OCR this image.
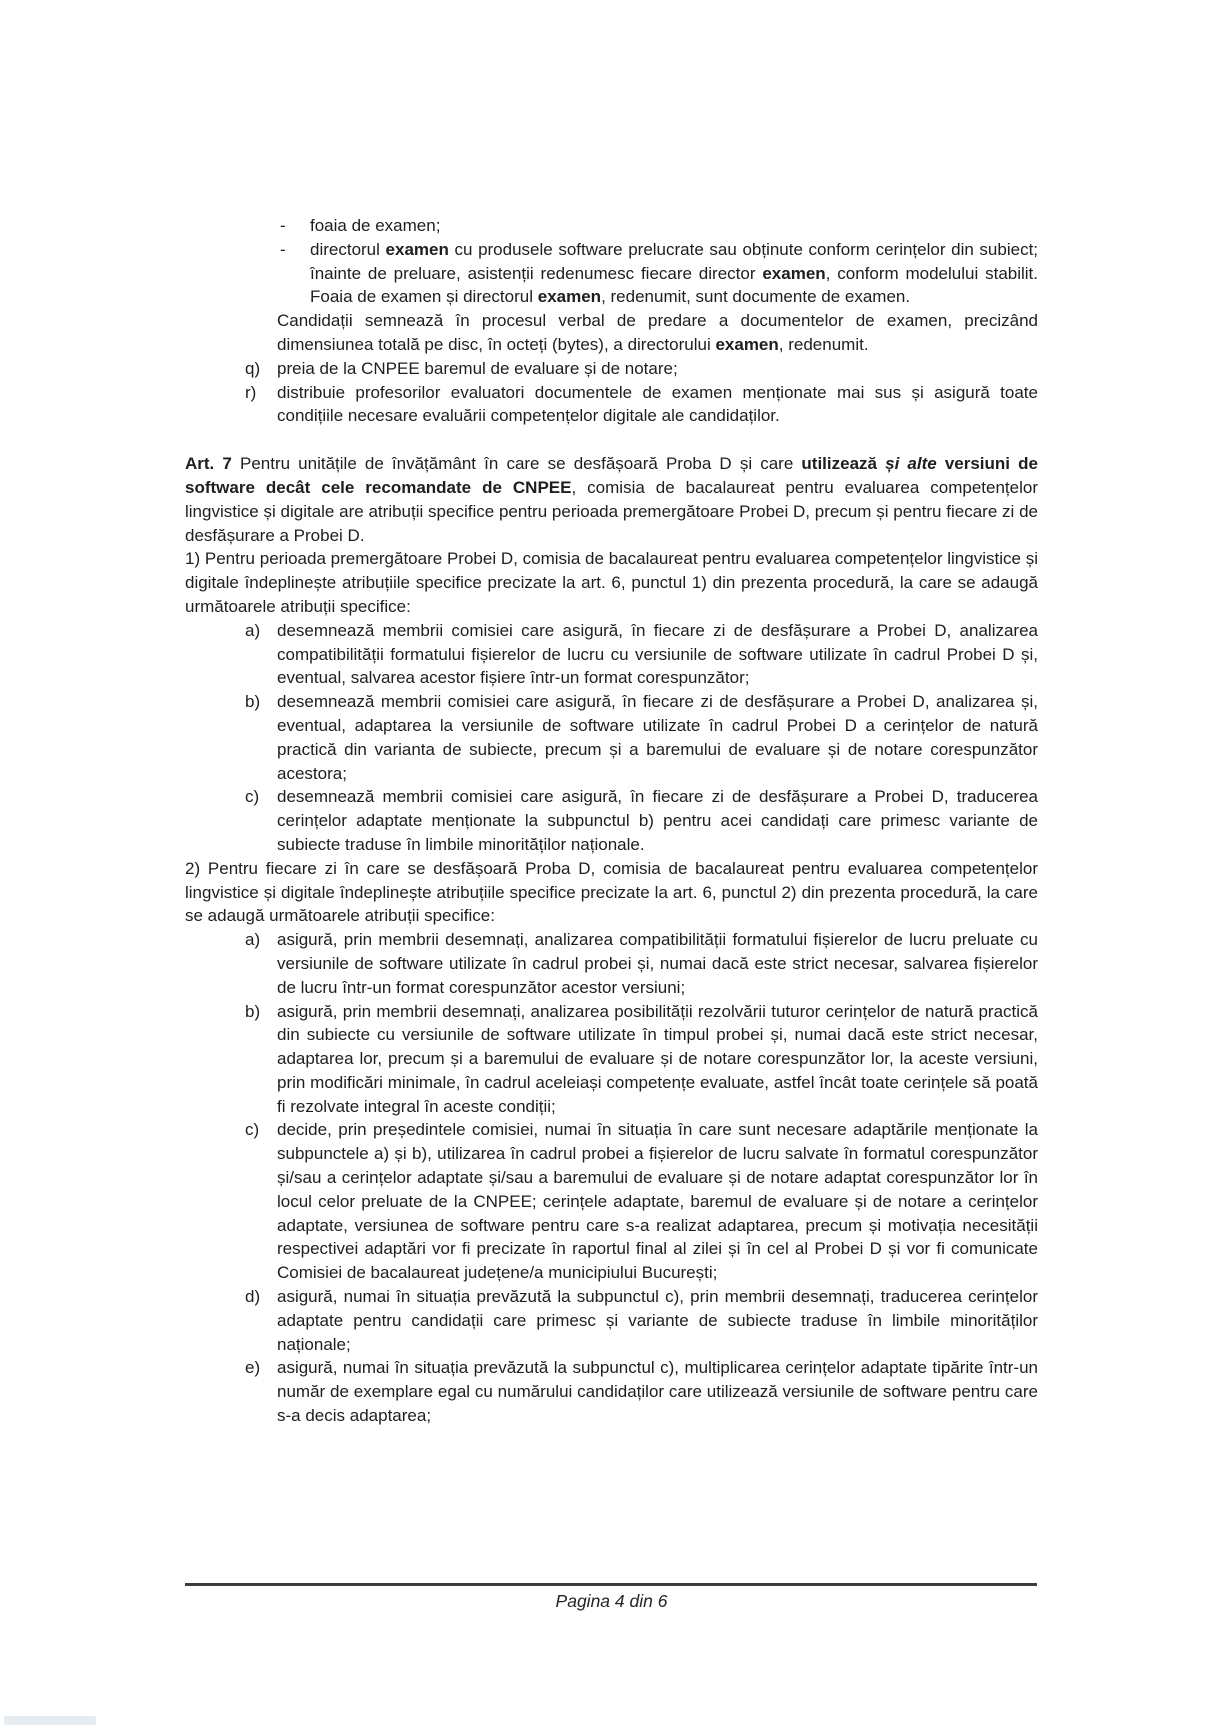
- foaia de examen;
- directorul examen cu produsele software prelucrate sau obținute conform cerințelor din subiect; înainte de preluare, asistenții redenumesc fiecare director examen, conform modelului stabilit. Foaia de examen și directorul examen, redenumit, sunt documente de examen.
Candidații semnează în procesul verbal de predare a documentelor de examen, precizând dimensiunea totală pe disc, în octeți (bytes), a directorului examen, redenumit.
q) preia de la CNPEE baremul de evaluare și de notare;
r) distribuie profesorilor evaluatori documentele de examen menționate mai sus și asigură toate condițiile necesare evaluării competențelor digitale ale candidaților.
Art. 7 Pentru unitățile de învățământ în care se desfășoară Proba D și care utilizează și alte versiuni de software decât cele recomandate de CNPEE, comisia de bacalaureat pentru evaluarea competențelor lingvistice și digitale are atribuții specifice pentru perioada premergătoare Probei D, precum și pentru fiecare zi de desfășurare a Probei D.
1) Pentru perioada premergătoare Probei D, comisia de bacalaureat pentru evaluarea competențelor lingvistice și digitale îndeplinește atribuțiile specifice precizate la art. 6, punctul 1) din prezenta procedură, la care se adaugă următoarele atribuții specifice:
a) desemnează membrii comisiei care asigură, în fiecare zi de desfășurare a Probei D, analizarea compatibilității formatului fișierelor de lucru cu versiunile de software utilizate în cadrul Probei D și, eventual, salvarea acestor fișiere într-un format corespunzător;
b) desemnează membrii comisiei care asigură, în fiecare zi de desfășurare a Probei D, analizarea și, eventual, adaptarea la versiunile de software utilizate în cadrul Probei D a cerințelor de natură practică din varianta de subiecte, precum și a baremului de evaluare și de notare corespunzător acestora;
c) desemnează membrii comisiei care asigură, în fiecare zi de desfășurare a Probei D, traducerea cerințelor adaptate menționate la subpunctul b) pentru acei candidați care primesc variante de subiecte traduse în limbile minorităților naționale.
2) Pentru fiecare zi în care se desfășoară Proba D, comisia de bacalaureat pentru evaluarea competențelor lingvistice și digitale îndeplinește atribuțiile specifice precizate la art. 6, punctul 2) din prezenta procedură, la care se adaugă următoarele atribuții specifice:
a) asigură, prin membrii desemnați, analizarea compatibilității formatului fișierelor de lucru preluate cu versiunile de software utilizate în cadrul probei și, numai dacă este strict necesar, salvarea fișierelor de lucru într-un format corespunzător acestor versiuni;
b) asigură, prin membrii desemnați, analizarea posibilității rezolvării tuturor cerințelor de natură practică din subiecte cu versiunile de software utilizate în timpul probei și, numai dacă este strict necesar, adaptarea lor, precum și a baremului de evaluare și de notare corespunzător lor, la aceste versiuni, prin modificări minimale, în cadrul aceleiași competențe evaluate, astfel încât toate cerințele să poată fi rezolvate integral în aceste condiții;
c) decide, prin președintele comisiei, numai în situația în care sunt necesare adaptările menționate la subpunctele a) și b), utilizarea în cadrul probei a fișierelor de lucru salvate în formatul corespunzător și/sau a cerințelor adaptate și/sau a baremului de evaluare și de notare adaptat corespunzător lor în locul celor preluate de la CNPEE; cerințele adaptate, baremul de evaluare și de notare a cerințelor adaptate, versiunea de software pentru care s-a realizat adaptarea, precum și motivația necesității respectivei adaptări vor fi precizate în raportul final al zilei și în cel al Probei D și vor fi comunicate Comisiei de bacalaureat județene/a municipiului București;
d) asigură, numai în situația prevăzută la subpunctul c), prin membrii desemnați, traducerea cerințelor adaptate pentru candidații care primesc și variante de subiecte traduse în limbile minorităților naționale;
e) asigură, numai în situația prevăzută la subpunctul c), multiplicarea cerințelor adaptate tipărite într-un număr de exemplare egal cu numărului candidaților care utilizează versiunile de software pentru care s-a decis adaptarea;
Pagina 4 din 6
